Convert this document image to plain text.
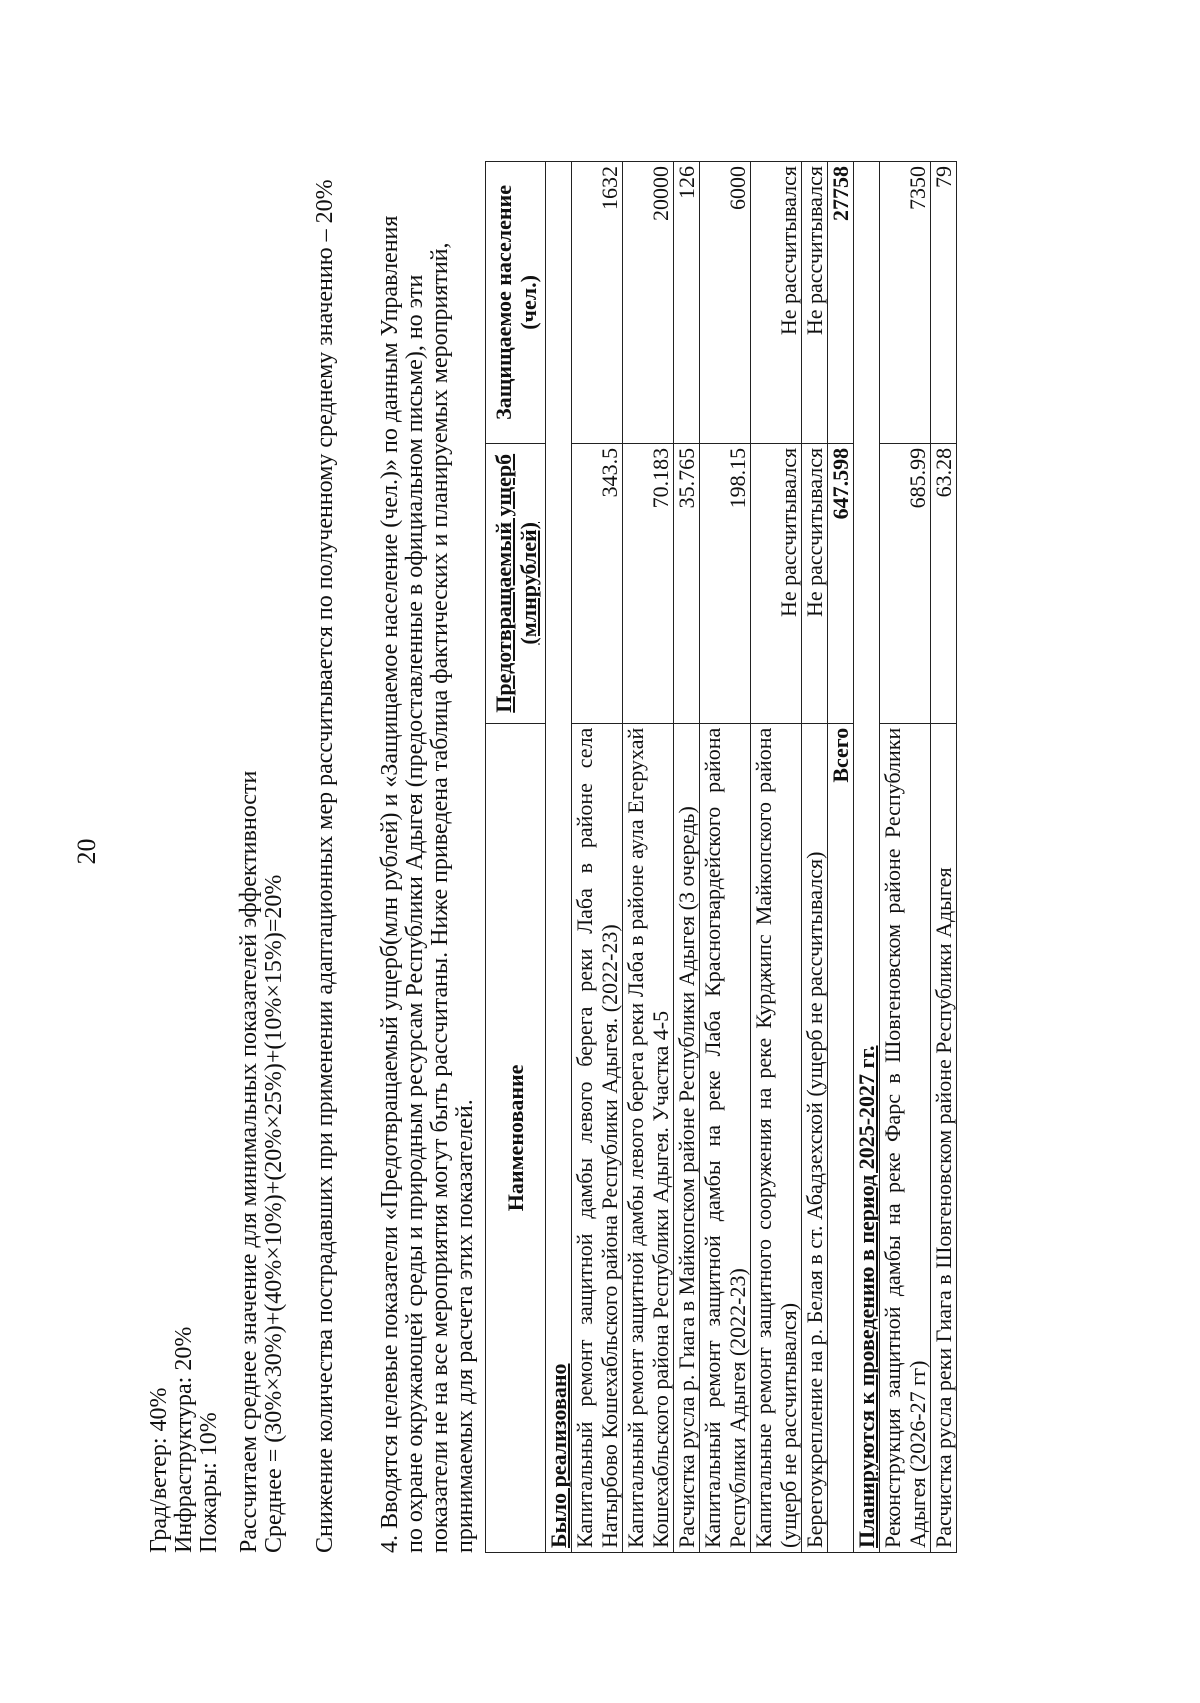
20
Град/ветер: 40% Инфраструктура: 20% Пожары: 10% Рассчитаем среднее значение для минимальных показателей эффективности Среднее = (30%×30%)+(40%×10%)+(20%×25%)+(10%×15%)=20% Снижение количества пострадавших при применении адаптационных мер рассчитывается по полученному среднему значению – 20% 4. Вводятся целевые показатели «Предотвращаемый ущерб(млн рублей) и «Защищаемое население (чел.)» по данным Управления по охране окружающей среды и природным ресурсам Республики Адыгея (предоставленные в официальном письме), но эти показатели не на все мероприятия могут быть рассчитаны. Ниже приведена таблица фактических и планируемых мероприятий, принимаемых для расчета этих показателей. Наименование	Предотвращаемый ущерб (млнрублей)	Защищаемое население (чел.)
Было реализовано		
Капитальный ремонт защитной дамбы левого берега реки Лаба в районе села Натырбово Кошехабльского района Республики Адыгея. (2022-23)	343.5	1632
Капитальный ремонт защитной дамбы левого берега реки Лаба в районе аула Егерухай Кошехабльского района Республики Адыгея. Участка 4-5	70.183	20000
Расчистка русла р. Гиага в Майкопском районе Республики Адыгея (3 очередь)	35.765	126
Капитальный ремонт защитной дамбы на реке Лаба Красногвардейского района Республики Адыгея (2022-23)	198.15	6000
Капитальные ремонт защитного сооружения на реке Курджипс Майкопского района (ущерб не рассчитывался)	Не рассчитывался	Не рассчитывался
Берегоукрепление на р. Белая в ст. Абадзехской (ущерб не рассчитывался)	Не рассчитывался	Не рассчитывался
Всего	647.598	27758
Планируются к проведению в период 2025-2027 гг.		
Реконструкция защитной дамбы на реке Фарс в Шовгеновском районе Республики Адыгея (2026-27 гг)	685.99	7350
Расчистка русла реки Гиага в Шовгеновском районе Республики Адыгея	63.28	79
